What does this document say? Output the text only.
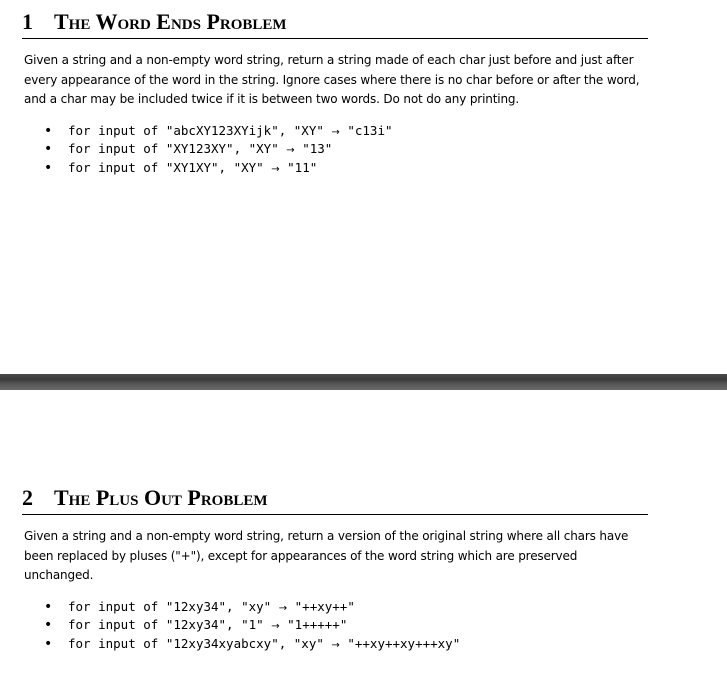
1 The Word Ends Problem
Given a string and a non-empty word string, return a string made of each char just before and just after every appearance of the word in the string. Ignore cases where there is no char before or after the word, and a char may be included twice if it is between two words. Do not do any printing.
• for input of "abcXY123XYijk", "XY" → "c13i"
• for input of "XY123XY", "XY" → "13"
• for input of "XY1XY", "XY" → "11"
2 The Plus Out Problem
Given a string and a non-empty word string, return a version of the original string where all chars have been replaced by pluses ("+"), except for appearances of the word string which are preserved unchanged.
• for input of "12xy34", "xy" → "++xy++"
• for input of "12xy34", "1" → "1+++++"
• for input of "12xy34xyabcxy", "xy" → "++xy++xy+++xy"
